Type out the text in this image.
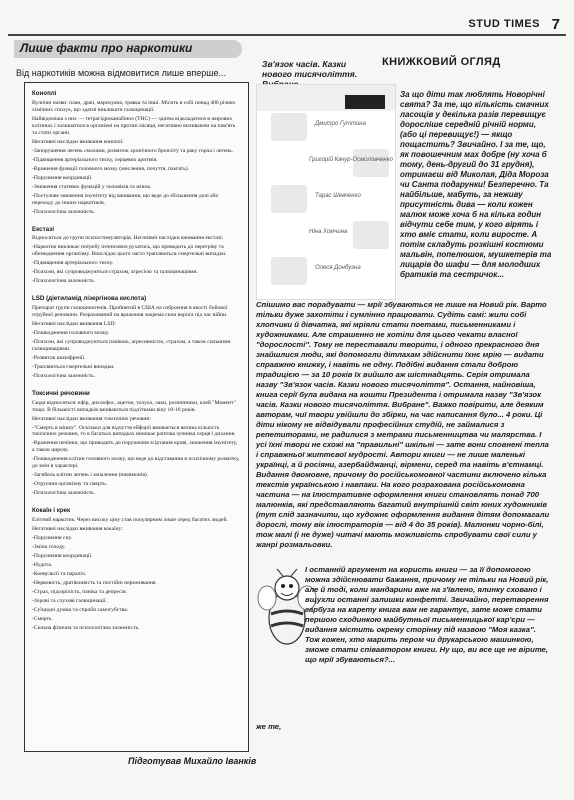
STUD TIMES 7
Лише факти про наркотики
Від наркотиків можна відмовитися лише вперше...
Коноплі
Вуличні назви: план, драп, марихуана, травка та інші. Місить в собі понад 400 різних хімічних сполук, що здатні викликати галюцинації.
Найвідоміша з них — тетрагідроканабінол (ТНС) — здатна відкладатися в жирових клітинах і залишатися в організмі на протязі місяця, негативно впливаючи на пам'ять та стати органи.
Негативні наслідки вживання коноплі:
-Запорушення легень смолами, розвиток хронічного бронхіту та раку горла і легень.
-Підвищення артеріального тиску, серцевих аритмія.
-Враження функції головного мозку (мислення, почуття, пам'ять).
-Порушення координації.
-Зниження статевих функцій у чоловіків та жінок.
-Постулове знижения імунітету від вживання, що веде до збільшення долі або переходу до інших наркотиків.
-Психологічна залежність.
Екстазі
Відноситься до групи психостимуляторів. Негативні наслідки вживання екстазі:
-Наркотик викликає потребу інтенсивно рухатись, що приводить до перегріву та обезводнення організму. Внаслідок цього часто трапляються смертельні випадки.
-Підвищення артеріального тиску.
-Психози, які супроводжуються страхом, агресією та галюцинаціями.
-Психологічна залежність.
LSD (діетиламід лізергінова кислота)
Препарат групи галюциногенів. Прийнятий в США на озброєння в якості бойової отруйної речовини. Розрахований на враження зокрема сили ворога під час війни.
Негативні наслідки вживання LSD:
-Пошкодження головного мозку.
-Психози, які супроводжуються панікою, агресивністю, страхом, а також сильними галюцинаціями.
-Розвиток шизофренії.
-Трапляються смертельні випадки.
-Психологічна залежність.
Токсичні речовини
Сюди відносяться: ефір, дихлофос, ацетон, толуол, лаки, розчинники, клей "Момент" тощо. В більшості випадків вживаються підлітками віку 10-16 років.
Негативні наслідки вживання токсичних речовин:
-"Смерть в мішку". Оскільки для відчуття ейфорії вживається велика кількість токсичних речовин, то в багатьох випадках виникає раптова зупинка серця і дихання.
-Враження печінки, що приводить до порушення зсіртання крові, зниження імунітету, а також цирозу.
-Пошкодження клітин головного мозку, що веде до відставання в психічному розвитку, до змін в характері.
-Загибель клітин легень і запалення (пневмонія).
-Отруєння організму та смерть.
-Психологічна залежність.
Кокаїн і крек
Елітний наркотик. Через високу ціну став популярним лише серед багатих людей.
Негативні наслідки вживання кокаїну:
-Порушення сну.
-Зміна голоду.
-Порушення координації.
-Нудота.
-Конвульсії та параліч.
-Нервовість, дратівливість та постійні переживання.
-Страх, підозрілість, паніка та депресія.
-Зорові та слухові галюцинації.
-Суїцидні думки та спроби самогубства.
-Смерть.
-Сильна фізична та психологічна залежність.
Підготував Михайло Іванків
Зв'язок часів. Казки нового тисячоліття.
КНИЖКОВИЙ ОГЛЯД
Дмитро Гуттина
Григорій Качур-Осмоловченко
Тарас Шевченко
Ніна Хомчина
Олеся Донбузна
За що діти так люблять Новорічні свята? За те, що кількість смачних ласощів у декілька разів перевищує доросліше середній річній норми, (або ці перевищує!) — якщо пощастить? Звичайно. І за те, що, як повошечним мах добре (ну хоча б тому, день-другий до 31 грудня), отримаєш від Миколая, Діда Мороза чи Санта подарунки! Безперечно. Та найбільше, мабуть, за неживу присутність дива — коли кожен малюк може хоча б на кілька годин відчути себе тим, у кого вірять і хто вміє стати, коли виросте. А потім складуть розкішні костюми мальвін, попелюшок, мушкетерів та лицарів до шафи — для молодших братиків та сестричок...
Спішимо вас порадувати — мрії збуваються не лише на Новий рік. Варто тільки дуже захотіти і сумлінно працювати. Судіть самі: жили собі хлопчики й дівчатка, які мріяли стати поетами, письменниками і художниками. Але страшенно не хотіли для цього чекати власної "дорослості". Тому не переставали творити, і одного прекрасного дня знайшлися люди, які допомогли дітлахам здійснити їхнє мрію — видати справжню книжку, і навіть не одну. Подібні видання стали доброю традицією — за 10 років їх вийшло аж шістнадцять. Серія отримала назву "Зв'язок часів. Казки нового тисячоліття". Остання, найновіша, книга серії була видана на кошти Президента і отримала назву "Зв'язок часів. Казки нового тисячоліття. Вибране". Важко повірити, але деяким авторам, чиї твори увійшли до збірки, на час написання було... 4 роки. Ці діти нікому не відвідували професійних студій, не займалися з репетиторами, не радилися з метрами письменництва чи малярства. І усі їхні твори не схожі на "правильні" шкільні — зате вони сповнені тепла і справжньої життєвої мудрості. Автори книги — не лише маленькі українці, а й росіяни, азербайджанці, вірмени, серед та навіть в'єтнамці. Видання двомовне, причому до російськомовної частини включено кілька текстів українською і навпаки. На кого розрахована російськомовна частина — на Ілюстративне оформлення книги становлять понад 700 малюнків, які представляють багатий внутрішній світ юних художників (тут слід зазначити, що художнє оформлення видання дітям допомагали дорослі, тому вік ілюстраторів — від 4 до 35 років). Малюнки чорно-білі, тож малі (і не дуже) читачі мають можливість спробувати свої сили у жанрі розмальовки.
І останній аргумент на користь книги — за її допомогою можна здійснювати бажання, причому не тільки на Новий рік, але й тоді, коли мандарини вже на з'ївлено, ялинку сховано і вщухли останні залишки конфетті. Звичайно, перетворення гарбуза на карету книга вам не гарантує, зате може стати першою сходинкою майбутньої письменницької кар'єри — видання містить окрему сторінку під назвою "Моя казка". Тож кожен, хто марить пером чи друкарською машинкою, зможе стати співавтором книги. Ну що, ви все ще не вірите, що мрії збуваються?...
же те,
